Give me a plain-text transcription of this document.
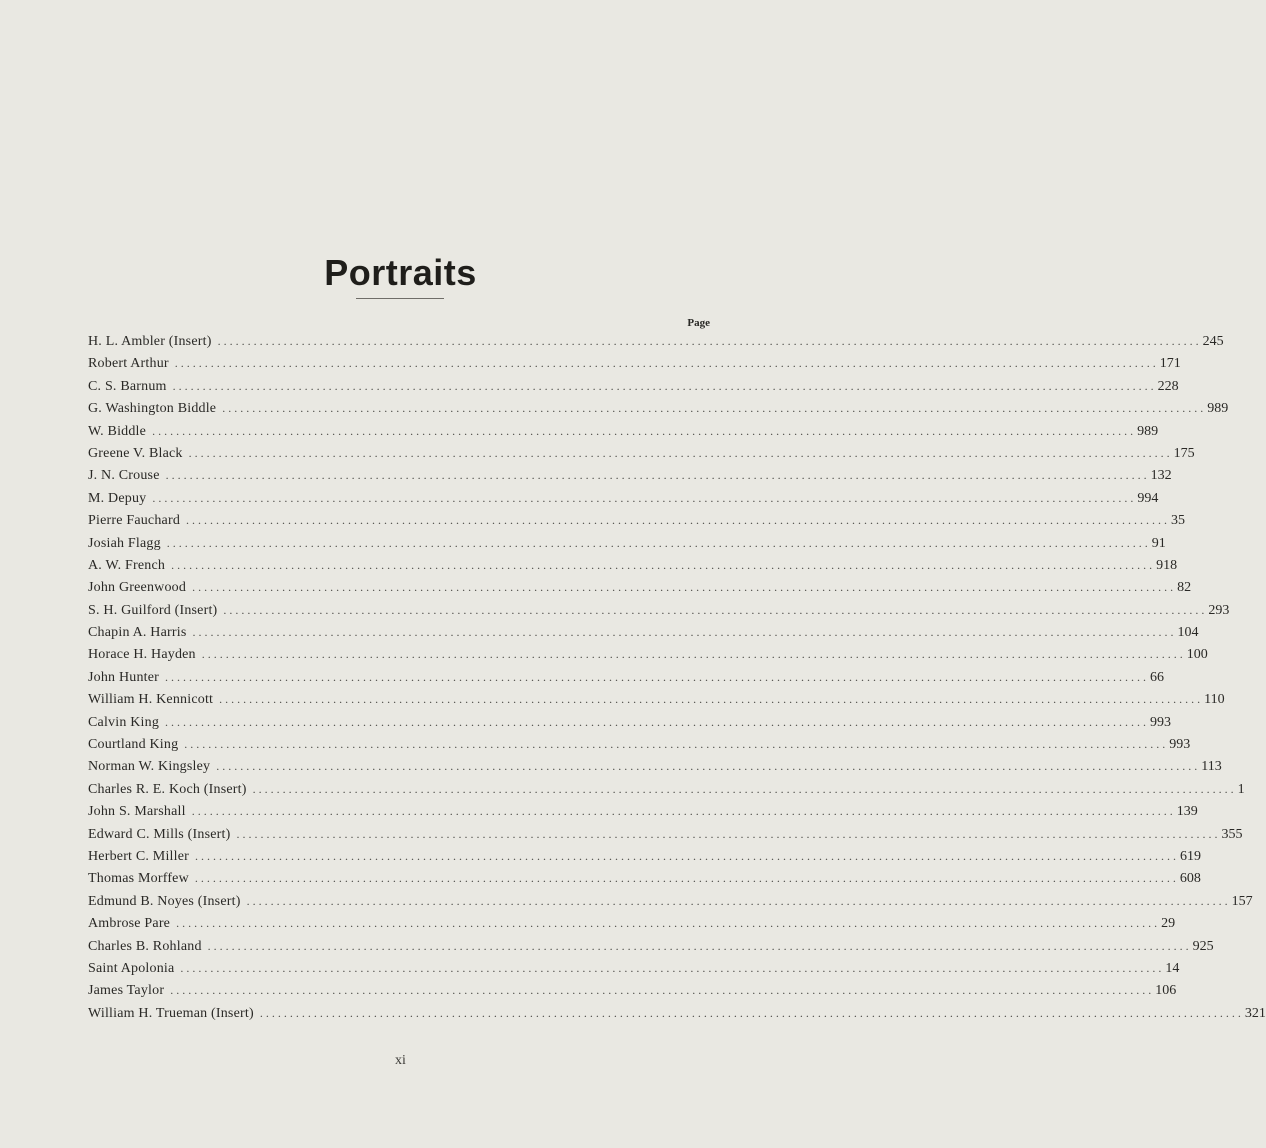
Portraits
Page
H. L. Ambler (Insert) .................................................................................................................................................................... 245
Robert Arthur .................................................................................................................................................................... 171
C. S. Barnum .................................................................................................................................................................... 228
G. Washington Biddle .................................................................................................................................................................... 989
W. Biddle .................................................................................................................................................................... 989
Greene V. Black .................................................................................................................................................................... 175
J. N. Crouse .................................................................................................................................................................... 132
M. Depuy .................................................................................................................................................................... 994
Pierre Fauchard .................................................................................................................................................................... 35
Josiah Flagg .................................................................................................................................................................... 91
A. W. French .................................................................................................................................................................... 918
John Greenwood .................................................................................................................................................................... 82
S. H. Guilford (Insert) .................................................................................................................................................................... 293
Chapin A. Harris .................................................................................................................................................................... 104
Horace H. Hayden .................................................................................................................................................................... 100
John Hunter .................................................................................................................................................................... 66
William H. Kennicott .................................................................................................................................................................... 110
Calvin King .................................................................................................................................................................... 993
Courtland King .................................................................................................................................................................... 993
Norman W. Kingsley .................................................................................................................................................................... 113
Charles R. E. Koch (Insert) .................................................................................................................................................................... 1
John S. Marshall .................................................................................................................................................................... 139
Edward C. Mills (Insert) .................................................................................................................................................................... 355
Herbert C. Miller .................................................................................................................................................................... 619
Thomas Morffew .................................................................................................................................................................... 608
Edmund B. Noyes (Insert) .................................................................................................................................................................... 157
Ambrose Pare .................................................................................................................................................................... 29
Charles B. Rohland .................................................................................................................................................................... 925
Saint Apolonia .................................................................................................................................................................... 14
James Taylor .................................................................................................................................................................... 106
William H. Trueman (Insert) .................................................................................................................................................................... 321
xi
